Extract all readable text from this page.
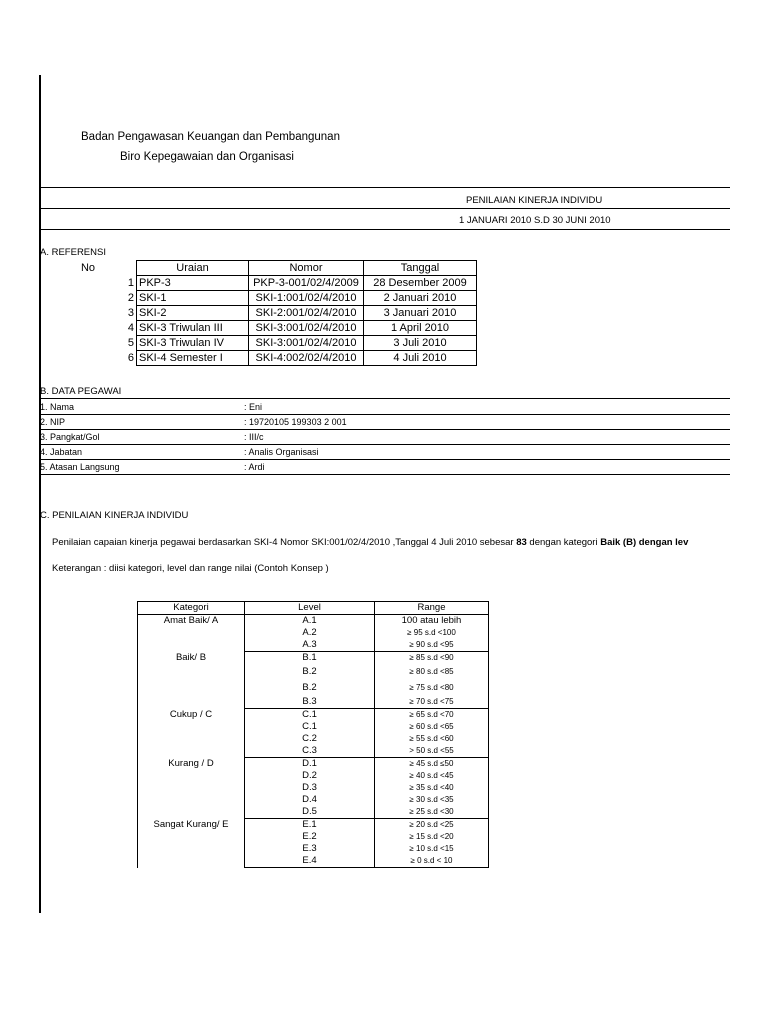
Badan Pengawasan Keuangan dan Pembangunan
Biro Kepegawaian dan Organisasi
PENILAIAN KINERJA INDIVIDU
1 JANUARI 2010 S.D 30 JUNI 2010
A. REFERENSI
No	Uraian	Nomor	Tanggal
1	PKP-3	PKP-3-001/02/4/2009	28 Desember 2009
2	SKI-1	SKI-1:001/02/4/2010	2 Januari 2010
3	SKI-2	SKI-2:001/02/4/2010	3 Januari 2010
4	SKI-3 Triwulan III	SKI-3:001/02/4/2010	1 April 2010
5	SKI-3 Triwulan IV	SKI-3:001/02/4/2010	3 Juli 2010
6	SKI-4 Semester I	SKI-4:002/02/4/2010	4 Juli 2010
B. DATA PEGAWAI
1. Nama	: Eni
2. NIP	: 19720105 199303 2 001
3. Pangkat/Gol	: III/c
4. Jabatan	: Analis Organisasi
5. Atasan Langsung	: Ardi
C. PENILAIAN KINERJA INDIVIDU
Penilaian capaian kinerja pegawai berdasarkan SKI-4 Nomor SKI:001/02/4/2010 ,Tanggal 4 Juli 2010 sebesar 83 dengan kategori Baik (B) dengan lev
Keterangan : diisi kategori, level dan range nilai (Contoh Konsep )
Kategori	Level	Range
Amat Baik/ A	A.1	100 atau lebih
	A.2	≥ 95 s.d <100
	A.3	≥ 90 s.d <95
Baik/ B	B.1	≥ 85 s.d <90
	B.2	≥ 80 s.d <85
	B.2	≥ 75 s.d <80
	B.3	≥ 70 s.d <75
Cukup / C	C.1	≥ 65 s.d <70
	C.1	≥ 60 s.d <65
	C.2	≥ 55 s.d <60
	C.3	> 50 s.d <55
Kurang / D	D.1	≥ 45 s.d ≤50
	D.2	≥ 40 s.d <45
	D.3	≥ 35 s.d <40
	D.4	≥ 30 s.d <35
	D.5	≥ 25 s.d <30
Sangat Kurang/ E	E.1	≥ 20 s.d <25
	E.2	≥ 15 s.d <20
	E.3	≥ 10 s.d <15
	E.4	≥ 0 s.d < 10
